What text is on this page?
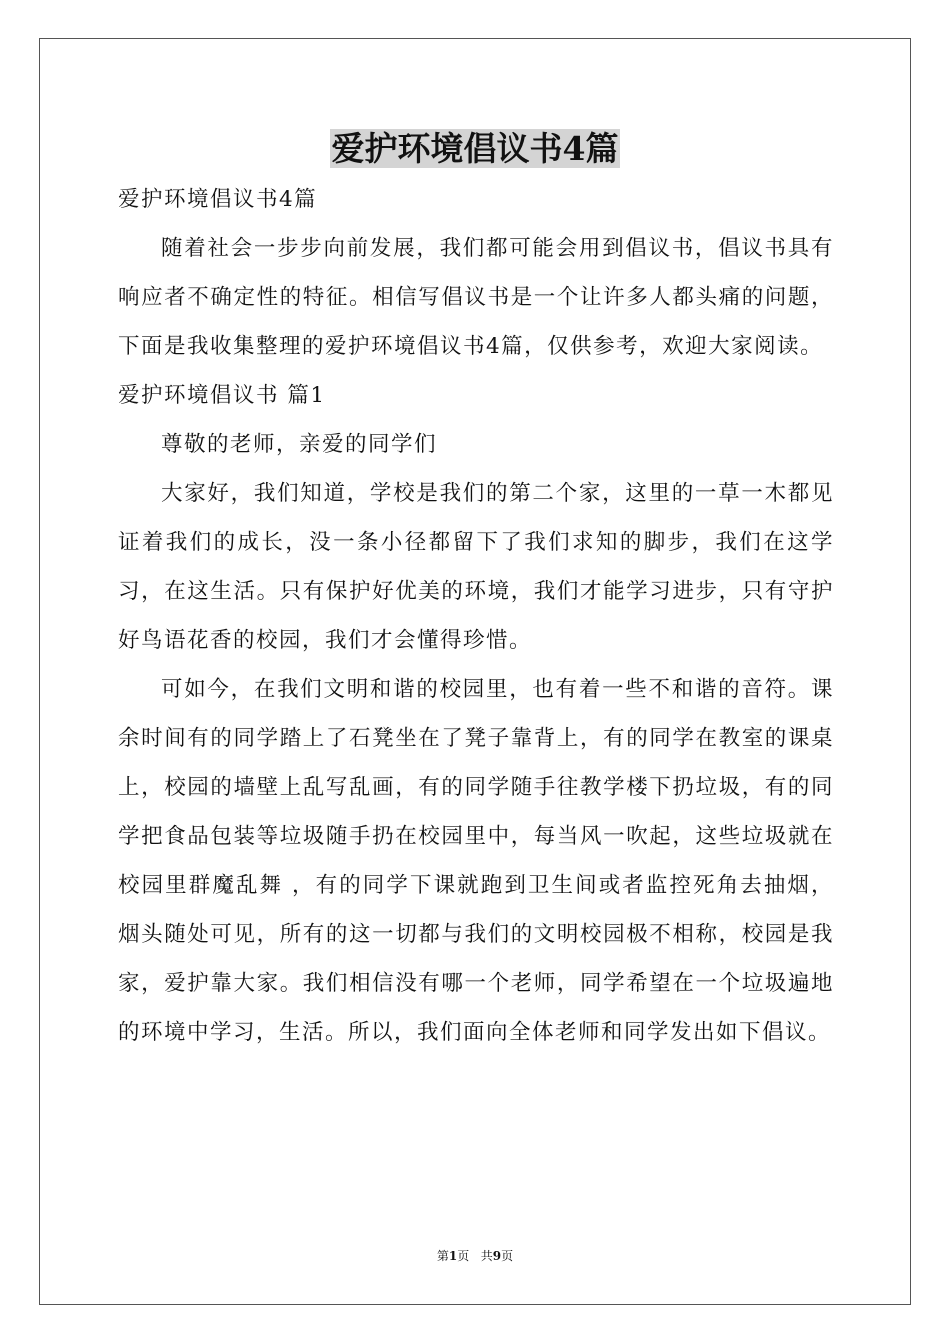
爱护环境倡议书4篇

爱护环境倡议书4篇

随着社会一步步向前发展，我们都可能会用到倡议书，倡议书具有响应者不确定性的特征。相信写倡议书是一个让许多人都头痛的问题，下面是我收集整理的爱护环境倡议书4篇，仅供参考，欢迎大家阅读。

爱护环境倡议书 篇1

尊敬的老师，亲爱的同学们

大家好，我们知道，学校是我们的第二个家，这里的一草一木都见证着我们的成长，没一条小径都留下了我们求知的脚步，我们在这学习，在这生活。只有保护好优美的环境，我们才能学习进步，只有守护好鸟语花香的校园，我们才会懂得珍惜。

可如今，在我们文明和谐的校园里，也有着一些不和谐的音符。课余时间有的同学踏上了石凳坐在了凳子靠背上，有的同学在教室的课桌上，校园的墙壁上乱写乱画，有的同学随手往教学楼下扔垃圾，有的同学把食品包装等垃圾随手扔在校园里中，每当风一吹起，这些垃圾就在校园里群魔乱舞 ，有的同学下课就跑到卫生间或者监控死角去抽烟，烟头随处可见，所有的这一切都与我们的文明校园极不相称，校园是我家，爱护靠大家。我们相信没有哪一个老师，同学希望在一个垃圾遍地的环境中学习，生活。所以，我们面向全体老师和同学发出如下倡议。

第1页 共9页
